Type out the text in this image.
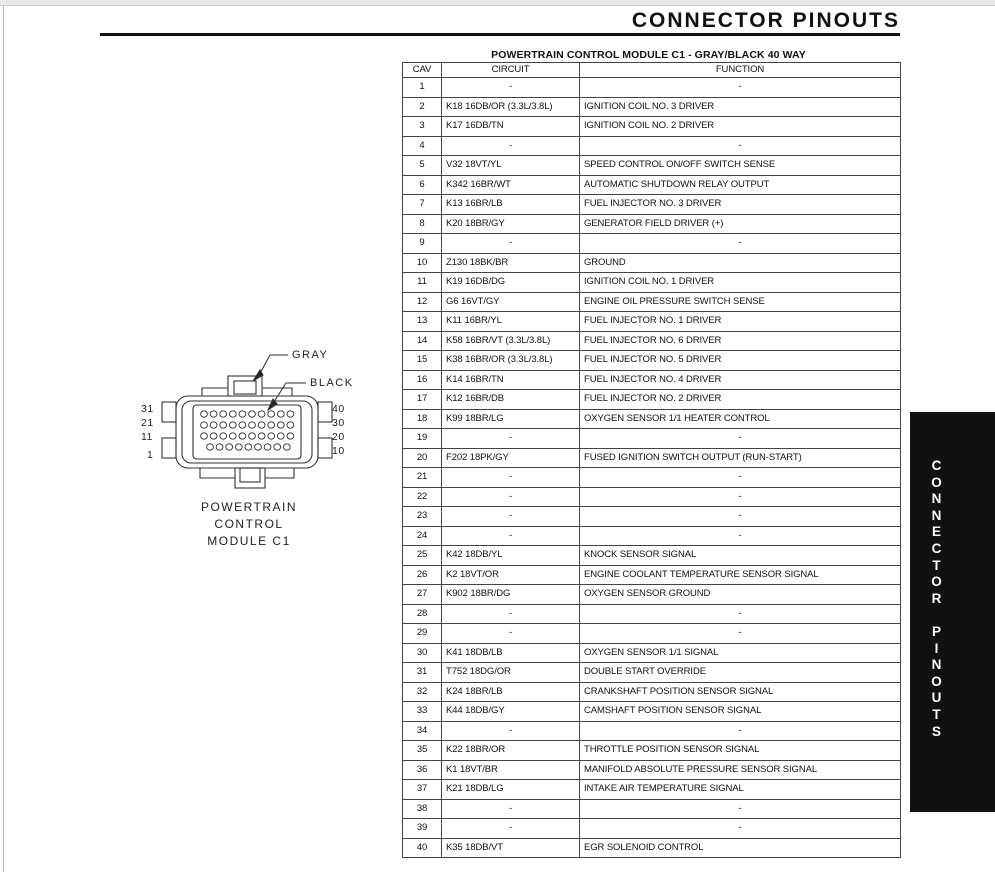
CONNECTOR PINOUTS
POWERTRAIN CONTROL MODULE C1 - GRAY/BLACK 40 WAY
CAV	CIRCUIT	FUNCTION
1	-	-
2	K18 16DB/OR (3.3L/3.8L)	IGNITION COIL NO. 3 DRIVER
3	K17 16DB/TN	IGNITION COIL NO. 2 DRIVER
4	-	-
5	V32 18VT/YL	SPEED CONTROL ON/OFF SWITCH SENSE
6	K342 16BR/WT	AUTOMATIC SHUTDOWN RELAY OUTPUT
7	K13 16BR/LB	FUEL INJECTOR NO. 3 DRIVER
8	K20 18BR/GY	GENERATOR FIELD DRIVER (+)
9	-	-
10	Z130 18BK/BR	GROUND
11	K19 16DB/DG	IGNITION COIL NO. 1 DRIVER
12	G6 16VT/GY	ENGINE OIL PRESSURE SWITCH SENSE
13	K11 16BR/YL	FUEL INJECTOR NO. 1 DRIVER
14	K58 16BR/VT (3.3L/3.8L)	FUEL INJECTOR NO. 6 DRIVER
15	K38 16BR/OR (3.3L/3.8L)	FUEL INJECTOR NO. 5 DRIVER
16	K14 16BR/TN	FUEL INJECTOR NO. 4 DRIVER
17	K12 16BR/DB	FUEL INJECTOR NO. 2 DRIVER
18	K99 18BR/LG	OXYGEN SENSOR 1/1 HEATER CONTROL
19	-	-
20	F202 18PK/GY	FUSED IGNITION SWITCH OUTPUT (RUN-START)
21	-	-
22	-	-
23	-	-
24	-	-
25	K42 18DB/YL	KNOCK SENSOR SIGNAL
26	K2 18VT/OR	ENGINE COOLANT TEMPERATURE SENSOR SIGNAL
27	K902 18BR/DG	OXYGEN SENSOR GROUND
28	-	-
29	-	-
30	K41 18DB/LB	OXYGEN SENSOR 1/1 SIGNAL
31	T752 18DG/OR	DOUBLE START OVERRIDE
32	K24 18BR/LB	CRANKSHAFT POSITION SENSOR SIGNAL
33	K44 18DB/GY	CAMSHAFT POSITION SENSOR SIGNAL
34	-	-
35	K22 18BR/OR	THROTTLE POSITION SENSOR SIGNAL
36	K1 18VT/BR	MANIFOLD ABSOLUTE PRESSURE SENSOR SIGNAL
37	K21 18DB/LG	INTAKE AIR TEMPERATURE SIGNAL
38	-	-
39	-	-
40	K35 18DB/VT	EGR SOLENOID CONTROL
GRAY
BLACK
31
21
11
1
40
30
20
10
POWERTRAIN
CONTROL
MODULE C1
C
O
N
N
E
C
T
O
R

P
I
N
O
U
T
S
